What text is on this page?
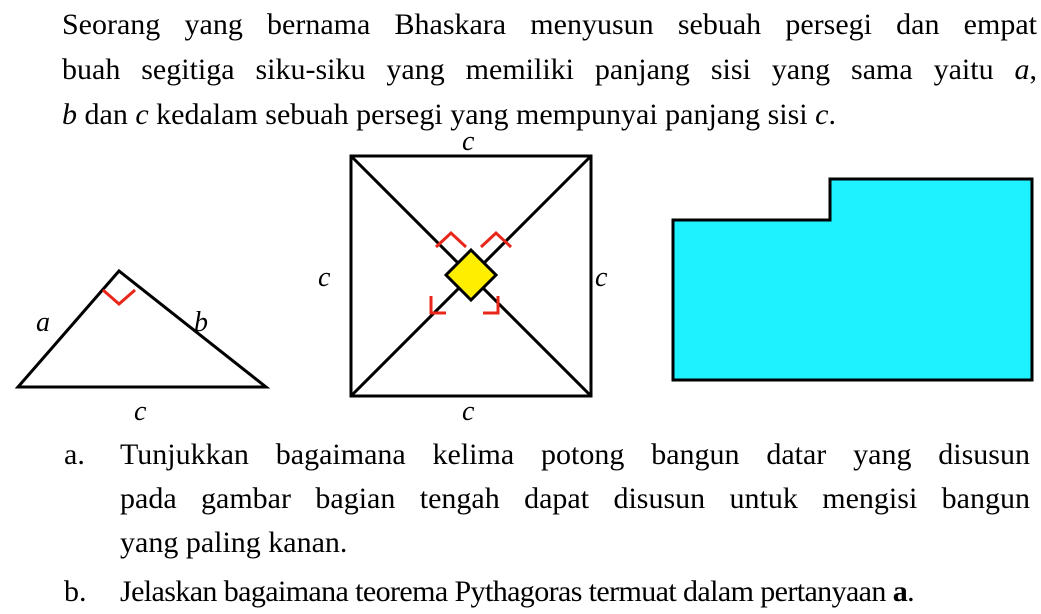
Seorang yang bernama Bhaskara menyusun sebuah persegi dan empat
buah segitiga siku-siku yang memiliki panjang sisi yang sama yaitu a,
b dan c kedalam sebuah persegi yang mempunyai panjang sisi c.

a	b
c
c
c	c
c
a. Tunjukkan bagaimana kelima potong bangun datar yang disusun
pada gambar bagian tengah dapat disusun untuk mengisi bangun
yang paling kanan.
b. Jelaskan bagaimana teorema Pythagoras termuat dalam pertanyaan a.
